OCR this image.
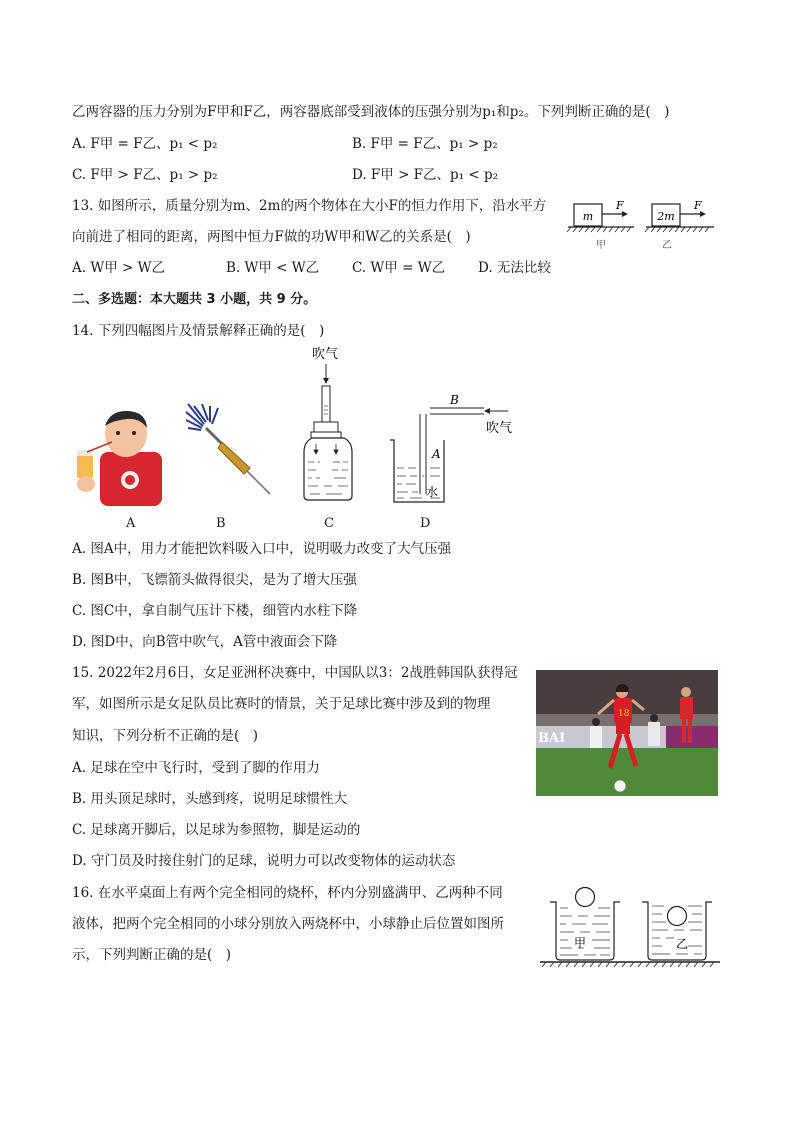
乙两容器的压力分别为F甲和F乙，两容器底部受到液体的压强分别为p₁和p₂。下列判断正确的是(　)
A. F甲 = F乙、p₁ < p₂	B. F甲 = F乙、p₁ > p₂
C. F甲 > F乙、p₁ > p₂	D. F甲 > F乙、p₁ < p₂
13. 如图所示，质量分别为m、2m的两个物体在大小F的恒力作用下，沿水平方
向前进了相同的距离，两图中恒力F做的功W甲和W乙的关系是(　)
A. W甲 > W乙	B. W甲 < W乙 C. W甲 = W乙 D. 无法比较
m
F
甲
2m
F
乙
二、多选题：本大题共 3 小题，共 9 分。
14. 下列四幅图片及情景解释正确的是(　)
A	B
吹气
C
B
吹气
A
水
D
A. 图A中，用力才能把饮料吸入口中，说明吸力改变了大气压强
B. 图B中，飞镖箭头做得很尖，是为了增大压强
C. 图C中，拿自制气压计下楼，细管内水柱下降
D. 图D中，向B管中吹气，A管中液面会下降
15. 2022年2月6日，女足亚洲杯决赛中，中国队以3：2战胜韩国队获得冠
军，如图所示是女足队员比赛时的情景，关于足球比赛中涉及到的物理
知识，下列分析不正确的是(　)
A. 足球在空中飞行时，受到了脚的作用力
B. 用头顶足球时，头感到疼，说明足球惯性大
C. 足球离开脚后，以足球为参照物，脚是运动的
D. 守门员及时接住射门的足球，说明力可以改变物体的运动状态
BAI
18
16. 在水平桌面上有两个完全相同的烧杯，杯内分别盛满甲、乙两种不同
液体，把两个完全相同的小球分别放入两烧杯中，小球静止后位置如图所
示，下列判断正确的是(　)
甲	乙
